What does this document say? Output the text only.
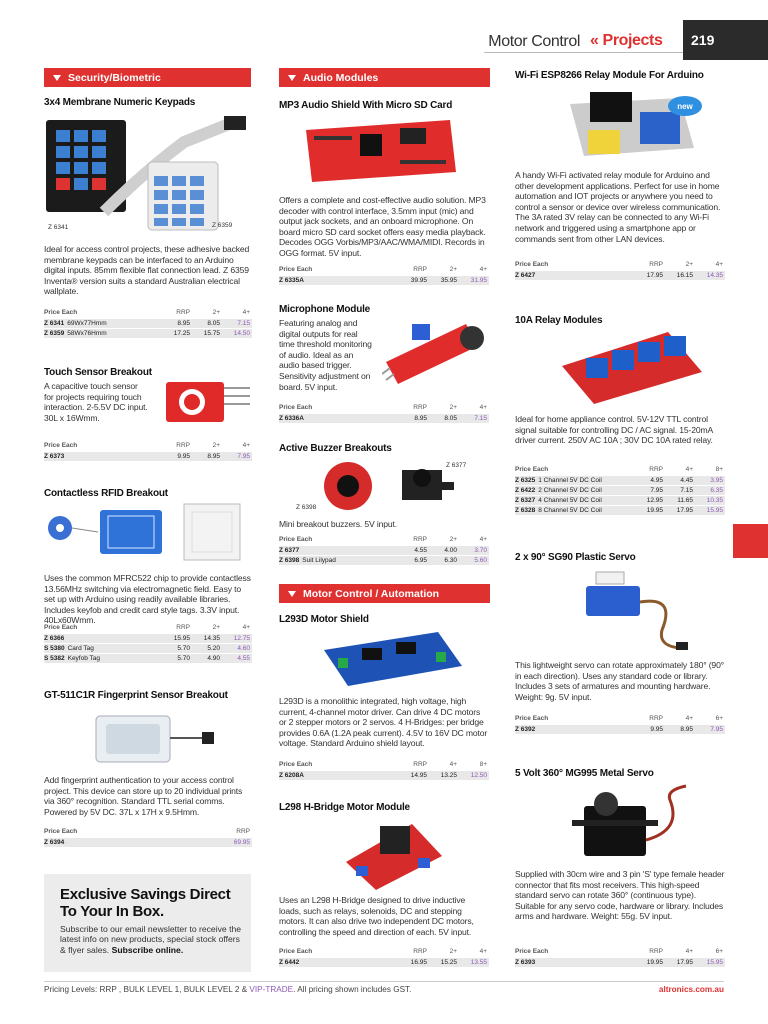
Motor Control « Projects	219
Security/Biometric
3x4 Membrane Numeric Keypads
Z 6341	Z 6359
Ideal for access control projects, these adhesive backed membrane keypads can be interfaced to an Arduino digital inputs. 85mm flexible flat connection lead. Z 6359 Inventa® version suits a standard Australian electrical wallplate.
Price Each	RRP	2+	4+
Z 6341 69Wx77Hmm	8.95	8.05	7.15
Z 6359 58Wx76Hmm	17.25	15.75	14.50
Touch Sensor Breakout
A capacitive touch sensor for projects requiring touch interaction. 2-5.5V DC input. 30L x 16Wmm.
Price Each	RRP	2+	4+
Z 6373	9.95	8.95	7.95
Contactless RFID Breakout
Uses the common MFRC522 chip to provide contactless 13.56MHz switching via electromagnetic field. Easy to set up with Arduino using readily available libraries. Includes keyfob and credit card style tags. 3.3V input. 40Lx60Wmm.
Price Each	RRP	2+	4+
Z 6366	15.95	14.35	12.75
S 5380 Card Tag	5.70	5.20	4.60
S 5382 Keyfob Tag	5.70	4.90	4.55
GT-511C1R Fingerprint Sensor Breakout
Add fingerprint authentication to your access control project. This device can store up to 20 individual prints via 360° recognition. Standard TTL serial comms. Powered by 5V DC. 37L x 17H x 9.5Hmm.
Price Each	RRP
Z 6394	69.95
Exclusive Savings Direct To Your In Box.

Subscribe to our email newsletter to receive the latest info on new products, special stock offers & flyer sales. Subscribe online.

Audio Modules
MP3 Audio Shield With Micro SD Card
Offers a complete and cost-effective audio solution. MP3 decoder with control interface, 3.5mm input (mic) and output jack sockets, and an onboard microphone. On board micro SD card socket offers easy media playback. Decodes OGG Vorbis/MP3/AAC/WMA/MIDI. Records in OGG format. 5V input.
Price Each	RRP	2+	4+
Z 6335A	39.95	35.95	31.95
Microphone Module
Featuring analog and digital outputs for real time threshold monitoring of audio. Ideal as an audio based trigger. Sensitivity adjustment on board. 5V input.
Price Each	RRP	2+	4+
Z 6336A	8.95	8.05	7.15
Active Buzzer Breakouts
Z 6377
Z 6398
Mini breakout buzzers. 5V input.
Price Each	RRP	2+	4+
Z 6377	4.55	4.00	3.70
Z 6398 Suit Lilypad	6.95	6.30	5.60
Motor Control / Automation
L293D Motor Shield
L293D is a monolithic integrated, high voltage, high current, 4-channel motor driver. Can drive 4 DC motors or 2 stepper motors or 2 servos. 4 H-Bridges: per bridge provides 0.6A (1.2A peak current). 4.5V to 16V DC motor voltage. Standard Arduino shield layout.
Price Each	RRP	4+	8+
Z 6208A	14.95	13.25	12.50
L298 H-Bridge Motor Module
Uses an L298 H-Bridge designed to drive inductive loads, such as relays, solenoids, DC and stepping motors. It can also drive two independent DC motors, controlling the speed and direction of each. 5V input.
Price Each	RRP	2+	4+
Z 6442	16.95	15.25	13.55
Wi-Fi ESP8266 Relay Module For Arduino
new
A handy Wi-Fi activated relay module for Arduino and other development applications. Perfect for use in home automation and IOT projects or anywhere you need to control a sensor or device over wireless communication. The 3A rated 3V relay can be connected to any Wi-Fi network and triggered using a smartphone app or commands sent from other LAN devices.
Price Each	RRP	2+	4+
Z 6427	17.95	16.15	14.35
10A Relay Modules
Ideal for home appliance control. 5V-12V TTL control signal suitable for controlling DC / AC signal. 15-20mA driver current. 250V AC 10A ; 30V DC 10A rated relay.
Price Each	RRP	4+	8+
Z 6325 1 Channel 5V DC Coil	4.95	4.45	3.95
Z 6422 2 Channel 5V DC Coil	7.95	7.15	6.35
Z 6327 4 Channel 5V DC Coil	12.95	11.65	10.35
Z 6328 8 Channel 5V DC Coil	19.95	17.95	15.95
2 x 90° SG90 Plastic Servo
This lightweight servo can rotate approximately 180° (90° in each direction). Uses any standard code or library. Includes 3 sets of armatures and mounting hardware. Weight: 9g. 5V input.
Price Each	RRP	4+	6+
Z 6392	9.95	8.95	7.95
5 Volt 360° MG995 Metal Servo
Supplied with 30cm wire and 3 pin 'S' type female header connector that fits most receivers. This high-speed standard servo can rotate 360° (continuous type). Suitable for any servo code, hardware or library. Includes arms and hardware. Weight: 55g. 5V input.
Price Each	RRP	4+	6+
Z 6393	19.95	17.95	15.95
Pricing Levels: RRP , BULK LEVEL 1, BULK LEVEL 2 & VIP-TRADE. All pricing shown includes GST.	altronics.com.au
